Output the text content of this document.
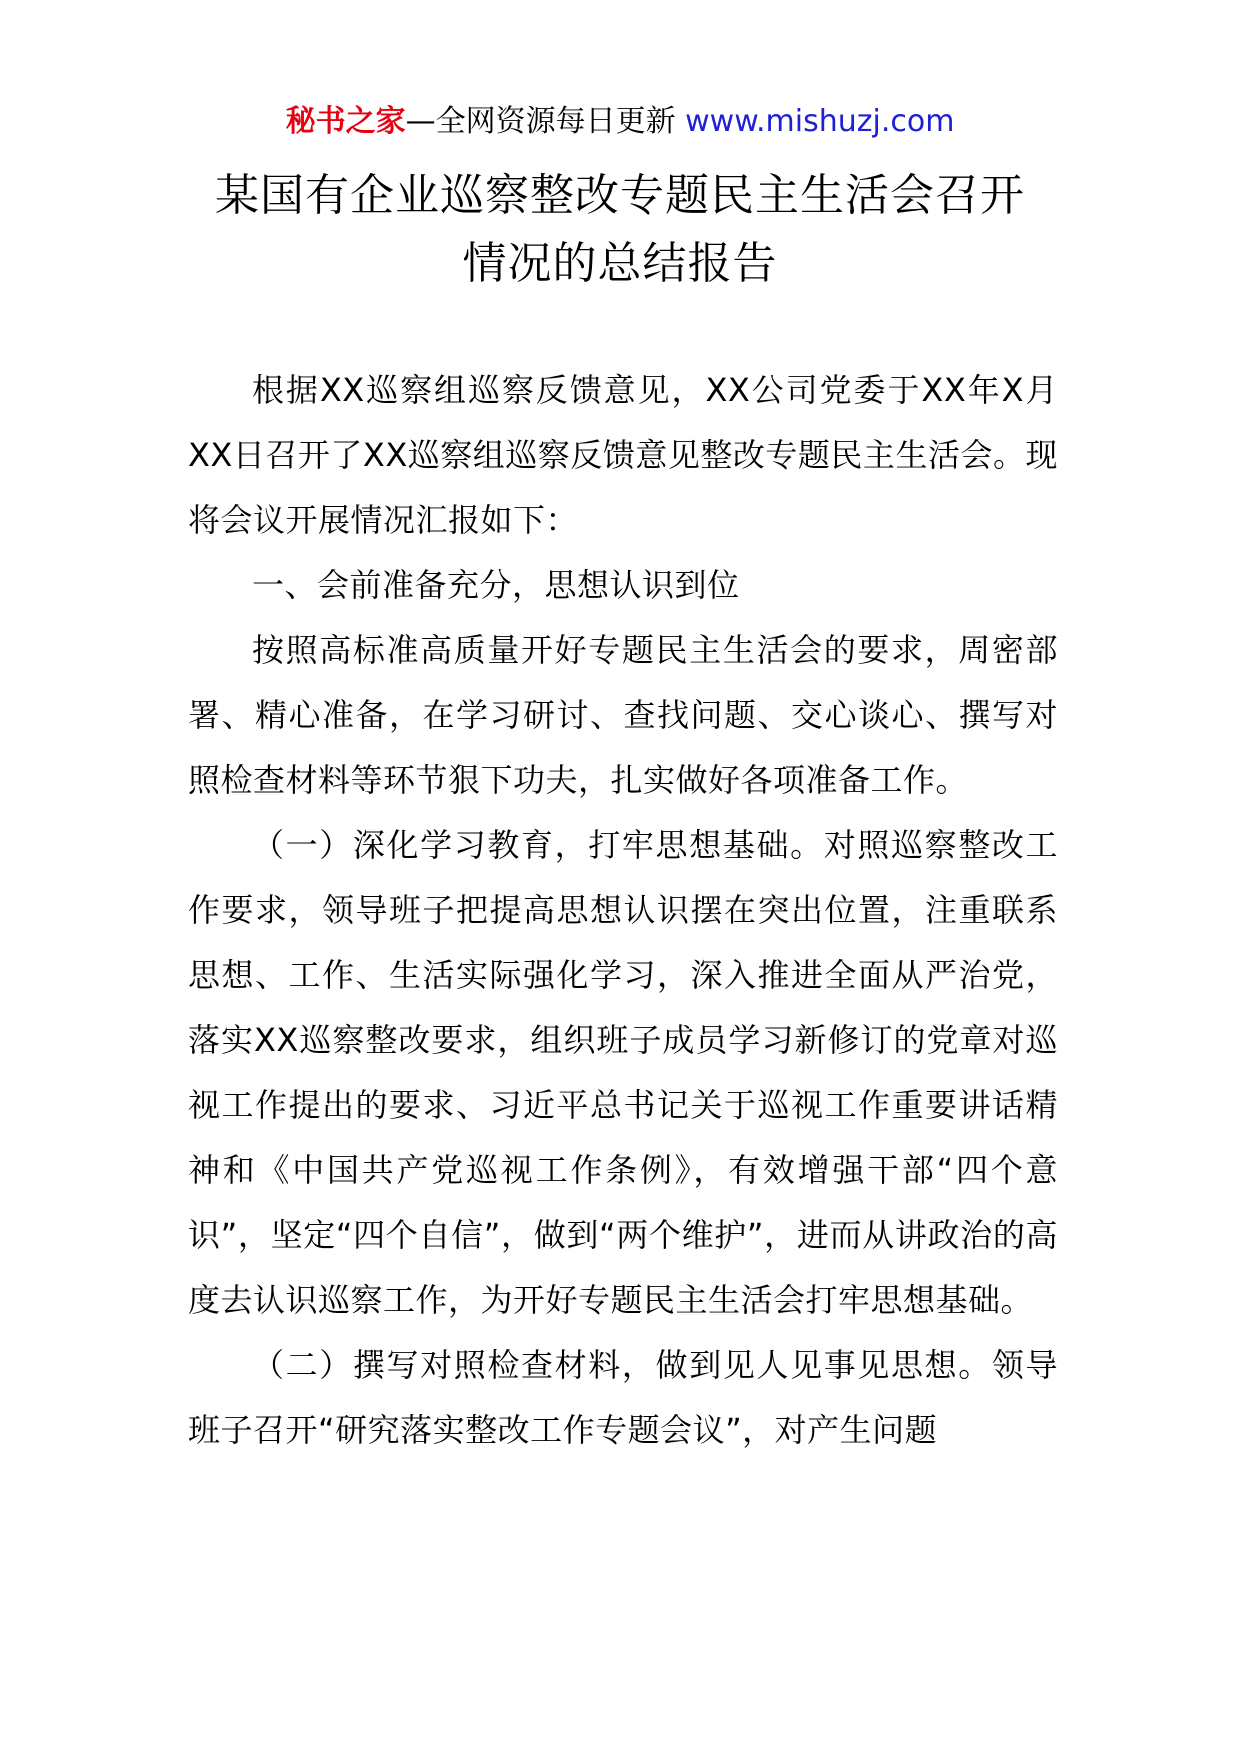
秘书之家—全网资源每日更新 www.mishuzj.com
某国有企业巡察整改专题民主生活会召开
情况的总结报告

根据XX巡察组巡察反馈意见，XX公司党委于XX年X月XX日召开了XX巡察组巡察反馈意见整改专题民主生活会。现将会议开展情况汇报如下：

一、会前准备充分，思想认识到位

按照高标准高质量开好专题民主生活会的要求，周密部署、精心准备，在学习研讨、查找问题、交心谈心、撰写对照检查材料等环节狠下功夫，扎实做好各项准备工作。

（一）深化学习教育，打牢思想基础。对照巡察整改工作要求，领导班子把提高思想认识摆在突出位置，注重联系思想、工作、生活实际强化学习，深入推进全面从严治党，落实XX巡察整改要求，组织班子成员学习新修订的党章对巡视工作提出的要求、习近平总书记关于巡视工作重要讲话精神和《中国共产党巡视工作条例》，有效增强干部“四个意识”，坚定“四个自信”，做到“两个维护”，进而从讲政治的高度去认识巡察工作，为开好专题民主生活会打牢思想基础。

（二）撰写对照检查材料，做到见人见事见思想。领导班子召开“研究落实整改工作专题会议”，对产生问题
